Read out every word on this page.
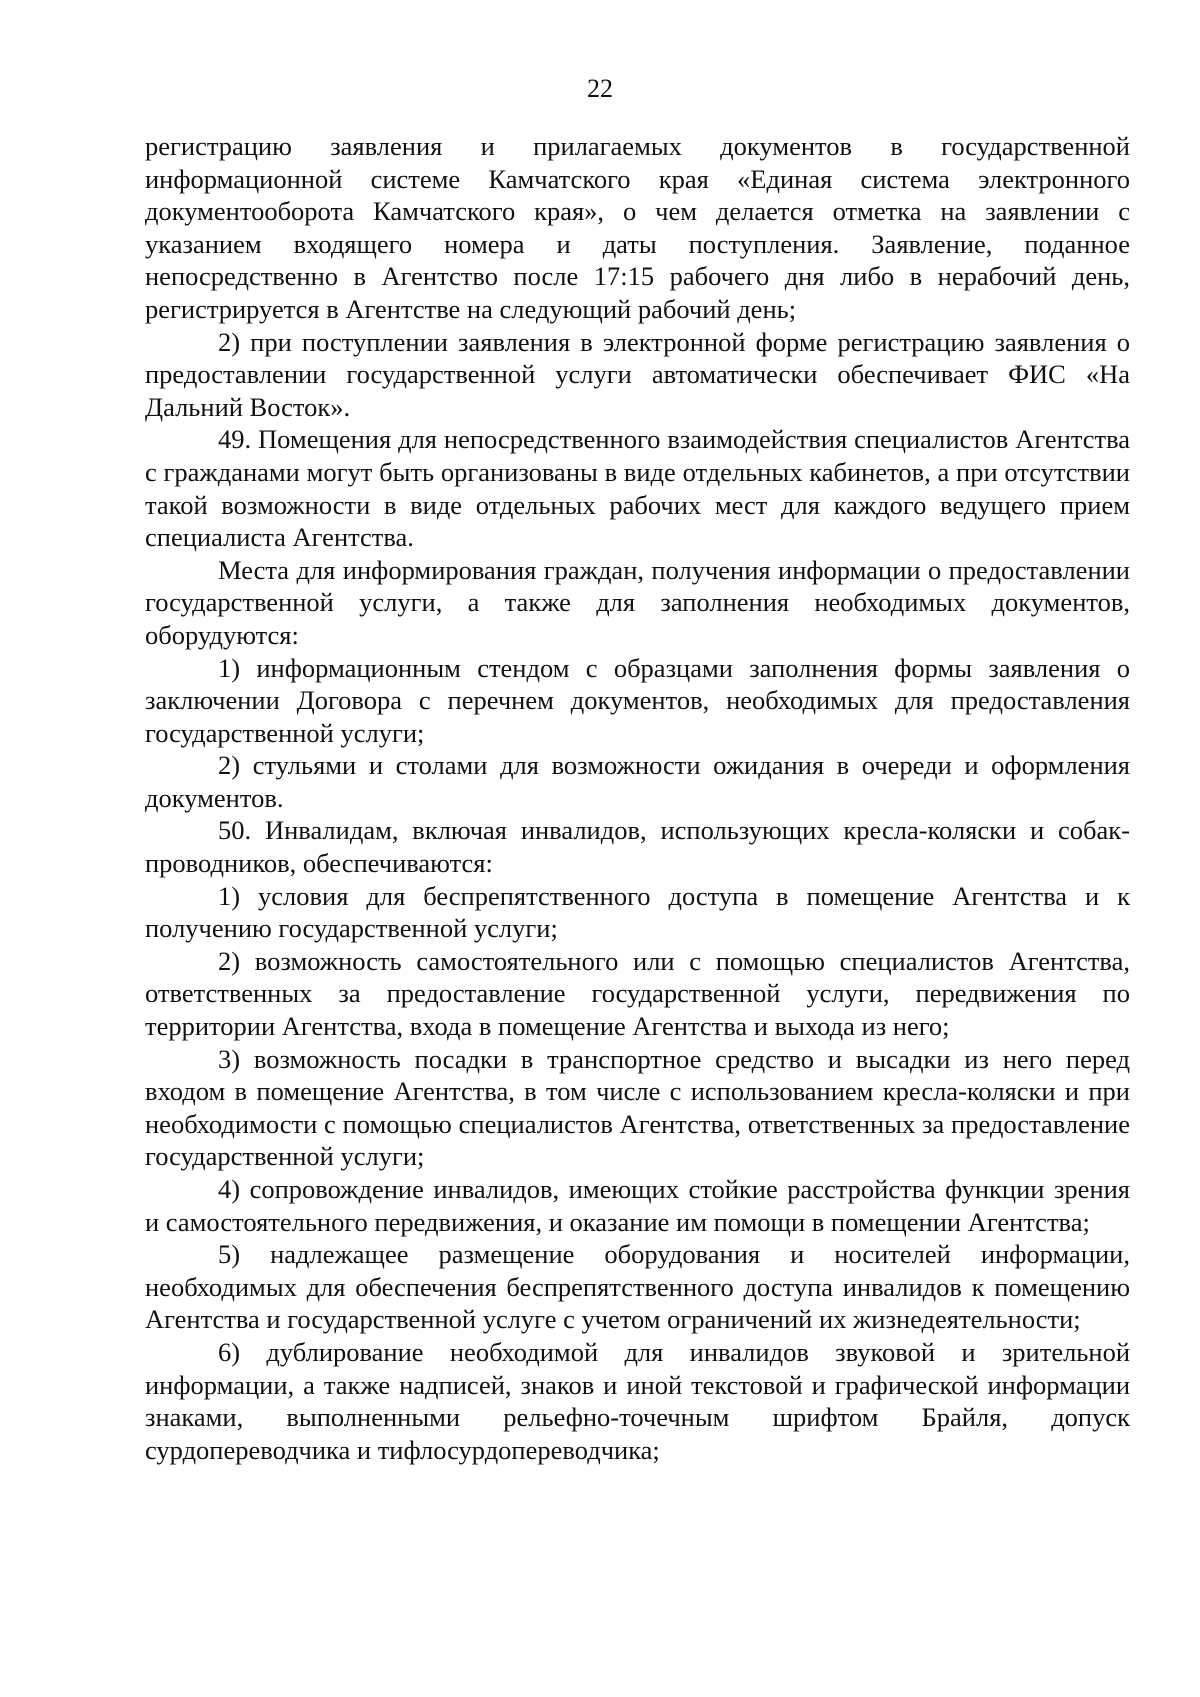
22

регистрацию заявления и прилагаемых документов в государственной информационной системе Камчатского края «Единая система электронного документооборота Камчатского края», о чем делается отметка на заявлении с указанием входящего номера и даты поступления. Заявление, поданное непосредственно в Агентство после 17:15 рабочего дня либо в нерабочий день, регистрируется в Агентстве на следующий рабочий день;

2) при поступлении заявления в электронной форме регистрацию заявления о предоставлении государственной услуги автоматически обеспечивает ФИС «На Дальний Восток».

49. Помещения для непосредственного взаимодействия специалистов Агентства с гражданами могут быть организованы в виде отдельных кабинетов, а при отсутствии такой возможности в виде отдельных рабочих мест для каждого ведущего прием специалиста Агентства.

Места для информирования граждан, получения информации о предоставлении государственной услуги, а также для заполнения необходимых документов, оборудуются:

1) информационным стендом с образцами заполнения формы заявления о заключении Договора с перечнем документов, необходимых для предоставления государственной услуги;

2) стульями и столами для возможности ожидания в очереди и оформления документов.

50. Инвалидам, включая инвалидов, использующих кресла-коляски и собак-проводников, обеспечиваются:

1) условия для беспрепятственного доступа в помещение Агентства и к получению государственной услуги;

2) возможность самостоятельного или с помощью специалистов Агентства, ответственных за предоставление государственной услуги, передвижения по территории Агентства, входа в помещение Агентства и выхода из него;

3) возможность посадки в транспортное средство и высадки из него перед входом в помещение Агентства, в том числе с использованием кресла-коляски и при необходимости с помощью специалистов Агентства, ответственных за предоставление государственной услуги;

4) сопровождение инвалидов, имеющих стойкие расстройства функции зрения и самостоятельного передвижения, и оказание им помощи в помещении Агентства;

5) надлежащее размещение оборудования и носителей информации, необходимых для обеспечения беспрепятственного доступа инвалидов к помещению Агентства и государственной услуге с учетом ограничений их жизнедеятельности;

6) дублирование необходимой для инвалидов звуковой и зрительной информации, а также надписей, знаков и иной текстовой и графической информации знаками, выполненными рельефно-точечным шрифтом Брайля, допуск сурдопереводчика и тифлосурдопереводчика;
